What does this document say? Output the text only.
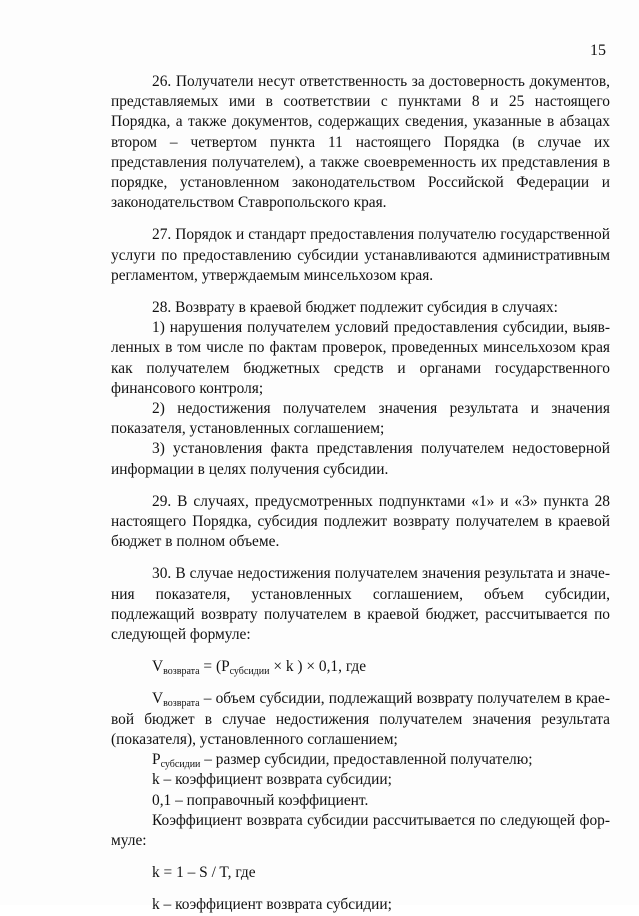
15

26. Получатели несут ответственность за достоверность документов, представляемых ими в соответствии с пунктами 8 и 25 настоящего Порядка, а также документов, содержащих сведения, указанные в абзацах втором – четвертом пункта 11 настоящего Порядка (в случае их представления получателем), а также своевременность их представления в порядке, установленном законодательством Российской Федерации и законодательством Ставропольского края.

27. Порядок и стандарт предоставления получателю государственной услуги по предоставлению субсидии устанавливаются административным регламентом, утверждаемым минсельхозом края.

28. Возврату в краевой бюджет подлежит субсидия в случаях:

1) нарушения получателем условий предоставления субсидии, выявленных в том числе по фактам проверок, проведенных минсельхозом края как получателем бюджетных средств и органами государственного финансового контроля;

2) недостижения получателем значения результата и значения показателя, установленных соглашением;

3) установления факта представления получателем недостоверной информации в целях получения субсидии.

29. В случаях, предусмотренных подпунктами «1» и «3» пункта 28 настоящего Порядка, субсидия подлежит возврату получателем в краевой бюджет в полном объеме.

30. В случае недостижения получателем значения результата и значения показателя, установленных соглашением, объем субсидии, подлежащий возврату получателем в краевой бюджет, рассчитывается по следующей формуле:

$V_{возврата} = (P_{субсидии} \times k$ ) × 0,1, где

$V_{возврата}$ – объем субсидии, подлежащий возврату получателем в краевой бюджет в случае недостижения получателем значения результата (показателя), установленного соглашением;

$P_{субсидии}$ – размер субсидии, предоставленной получателю;

k – коэффициент возврата субсидии;

0,1 – поправочный коэффициент.

Коэффициент возврата субсидии рассчитывается по следующей формуле:

k = 1 – S / T, где

k – коэффициент возврата субсидии;
